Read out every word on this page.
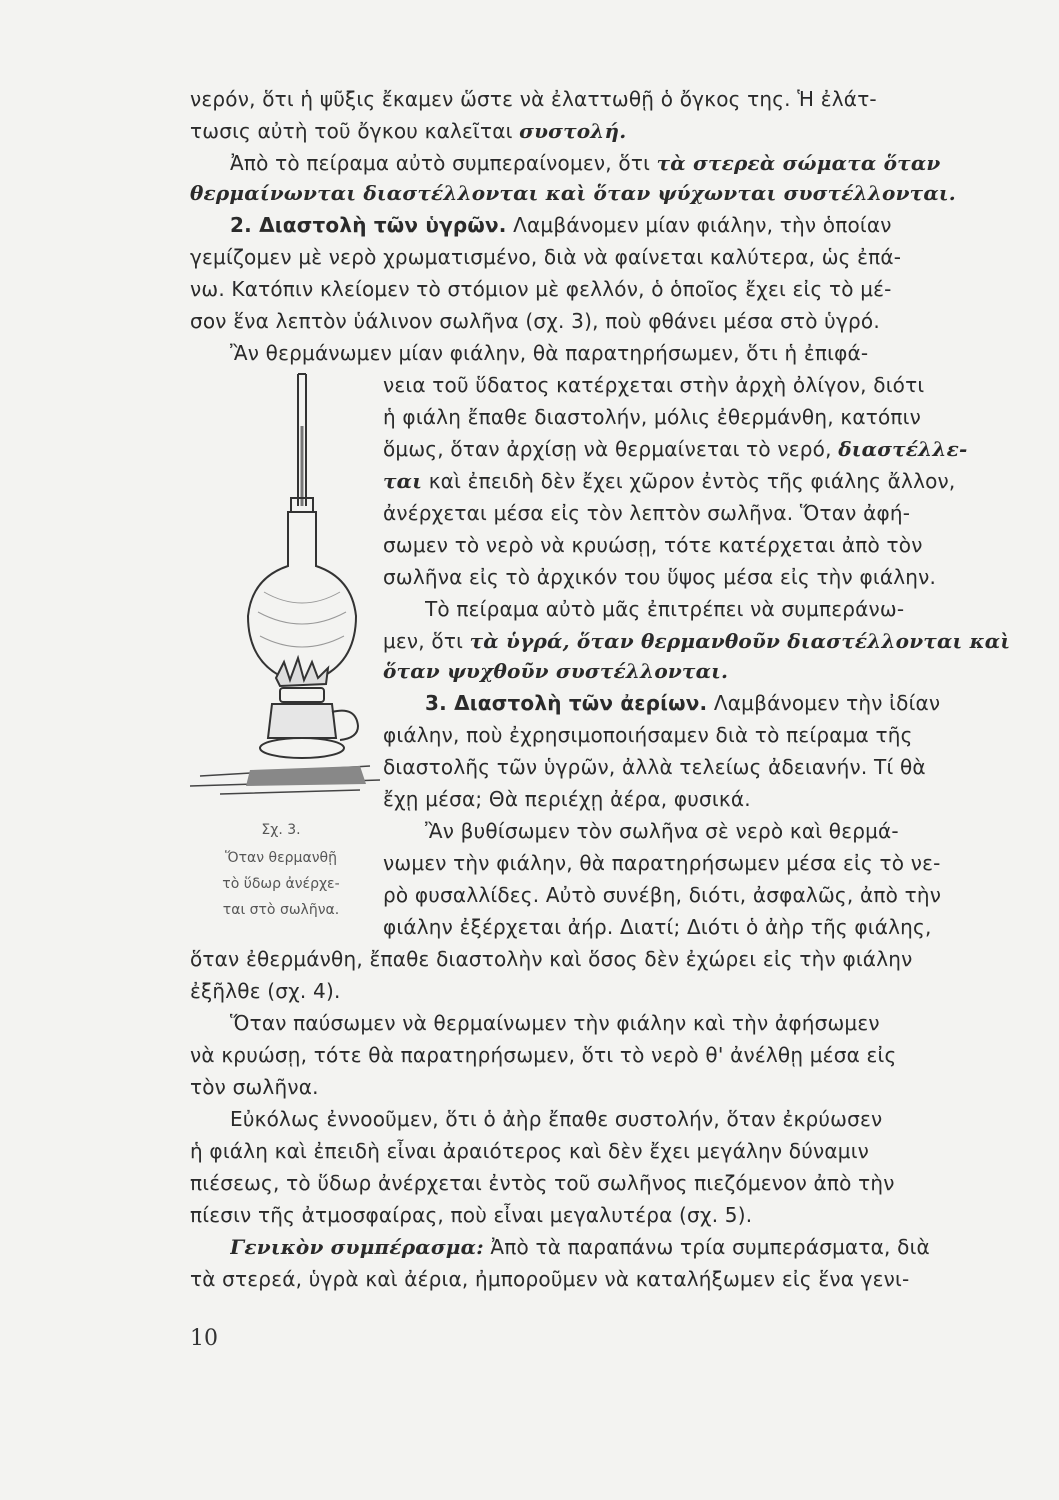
νερόν, ὅτι ἡ ψῦξις ἔκαμεν ὥστε νὰ ἐλαττωθῇ ὁ ὄγκος της. Ἡ ἐλάτ-
τωσις αὐτὴ τοῦ ὄγκου καλεῖται συστολή.
Ἀπὸ τὸ πείραμα αὐτὸ συμπεραίνομεν, ὅτι τὰ στερεὰ σώματα ὅταν
θερμαίνωνται διαστέλλονται καὶ ὅταν ψύχωνται συστέλλονται.
2. Διαστολὴ τῶν ὑγρῶν. Λαμβάνομεν μίαν φιάλην, τὴν ὁποίαν
γεμίζομεν μὲ νερὸ χρωματισμένο, διὰ νὰ φαίνεται καλύτερα, ὡς ἐπά-
νω. Κατόπιν κλείομεν τὸ στόμιον μὲ φελλόν, ὁ ὁποῖος ἔχει εἰς τὸ μέ-
σον ἕνα λεπτὸν ὑάλινον σωλῆνα (σχ. 3), ποὺ φθάνει μέσα στὸ ὑγρό.
Ἂν θερμάνωμεν μίαν φιάλην, θὰ παρατηρήσωμεν, ὅτι ἡ ἐπιφά-
νεια τοῦ ὕδατος κατέρχεται στὴν ἀρχὴ ὀλίγον, διότι
ἡ φιάλη ἔπαθε διαστολήν, μόλις ἐθερμάνθη, κατόπιν
ὅμως, ὅταν ἀρχίσῃ νὰ θερμαίνεται τὸ νερό, διαστέλλε-
ται καὶ ἐπειδὴ δὲν ἔχει χῶρον ἐντὸς τῆς φιάλης ἄλλον,
ἀνέρχεται μέσα εἰς τὸν λεπτὸν σωλῆνα. Ὅταν ἀφή-
σωμεν τὸ νερὸ νὰ κρυώσῃ, τότε κατέρχεται ἀπὸ τὸν
σωλῆνα εἰς τὸ ἀρχικόν του ὕψος μέσα εἰς τὴν φιάλην.
Τὸ πείραμα αὐτὸ μᾶς ἐπιτρέπει νὰ συμπεράνω-
μεν, ὅτι τὰ ὑγρά, ὅταν θερμανθοῦν διαστέλλονται καὶ
ὅταν ψυχθοῦν συστέλλονται.
3. Διαστολὴ τῶν ἀερίων. Λαμβάνομεν τὴν ἰδίαν
φιάλην, ποὺ ἐχρησιμοποιήσαμεν διὰ τὸ πείραμα τῆς
διαστολῆς τῶν ὑγρῶν, ἀλλὰ τελείως ἀδειανήν. Τί θὰ
ἔχῃ μέσα; Θὰ περιέχῃ ἀέρα, φυσικά.
Ἂν βυθίσωμεν τὸν σωλῆνα σὲ νερὸ καὶ θερμά-
νωμεν τὴν φιάλην, θὰ παρατηρήσωμεν μέσα εἰς τὸ νε-
ρὸ φυσαλλίδες. Αὐτὸ συνέβη, διότι, ἀσφαλῶς, ἀπὸ τὴν
φιάλην ἐξέρχεται ἀήρ. Διατί; Διότι ὁ ἀὴρ τῆς φιάλης,
ὅταν ἐθερμάνθη, ἔπαθε διαστολὴν καὶ ὅσος δὲν ἐχώρει εἰς τὴν φιάλην
ἐξῆλθε (σχ. 4).
Ὅταν παύσωμεν νὰ θερμαίνωμεν τὴν φιάλην καὶ τὴν ἀφήσωμεν
νὰ κρυώσῃ, τότε θὰ παρατηρήσωμεν, ὅτι τὸ νερὸ θ' ἀνέλθῃ μέσα εἰς
τὸν σωλῆνα.
Εὐκόλως ἐννοοῦμεν, ὅτι ὁ ἀὴρ ἔπαθε συστολήν, ὅταν ἐκρύωσεν
ἡ φιάλη καὶ ἐπειδὴ εἶναι ἀραιότερος καὶ δὲν ἔχει μεγάλην δύναμιν
πιέσεως, τὸ ὕδωρ ἀνέρχεται ἐντὸς τοῦ σωλῆνος πιεζόμενον ἀπὸ τὴν
πίεσιν τῆς ἀτμοσφαίρας, ποὺ εἶναι μεγαλυτέρα (σχ. 5).
Γενικὸν συμπέρασμα: Ἀπὸ τὰ παραπάνω τρία συμπεράσματα, διὰ
τὰ στερεά, ὑγρὰ καὶ ἀέρια, ἠμποροῦμεν νὰ καταλήξωμεν εἰς ἕνα γενι-
Σχ. 3.
Ὅταν θερμανθῇ
τὸ ὕδωρ ἀνέρχε-
ται στὸ σωλῆνα.
10
